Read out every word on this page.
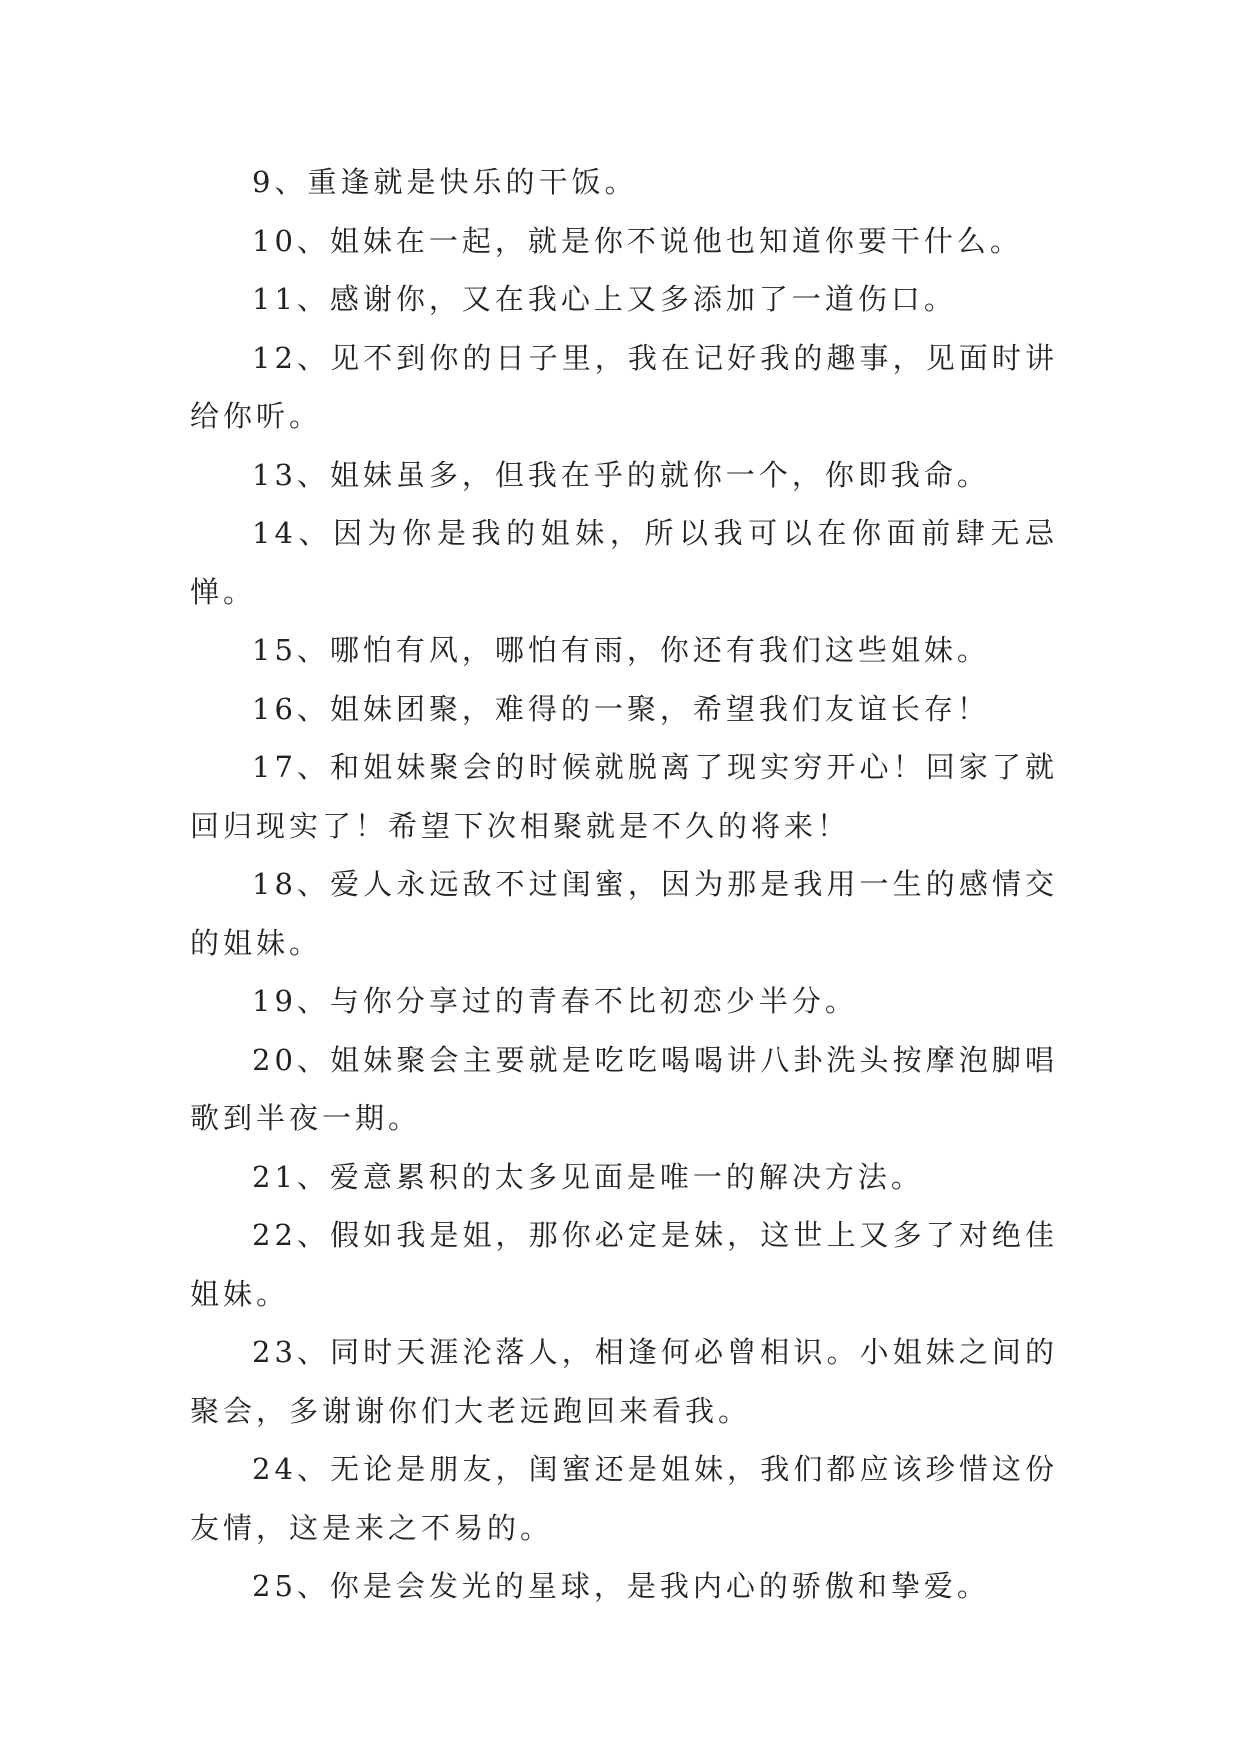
9、重逢就是快乐的干饭。

10、姐妹在一起，就是你不说他也知道你要干什么。

11、感谢你，又在我心上又多添加了一道伤口。

12、见不到你的日子里，我在记好我的趣事，见面时讲给你听。

13、姐妹虽多，但我在乎的就你一个，你即我命。

14、因为你是我的姐妹，所以我可以在你面前肆无忌惮。

15、哪怕有风，哪怕有雨，你还有我们这些姐妹。

16、姐妹团聚，难得的一聚，希望我们友谊长存！

17、和姐妹聚会的时候就脱离了现实穷开心！回家了就回归现实了！希望下次相聚就是不久的将来！

18、爱人永远敌不过闺蜜，因为那是我用一生的感情交的姐妹。

19、与你分享过的青春不比初恋少半分。

20、姐妹聚会主要就是吃吃喝喝讲八卦洗头按摩泡脚唱歌到半夜一期。

21、爱意累积的太多见面是唯一的解决方法。

22、假如我是姐，那你必定是妹，这世上又多了对绝佳姐妹。

23、同时天涯沦落人，相逢何必曾相识。小姐妹之间的聚会，多谢谢你们大老远跑回来看我。

24、无论是朋友，闺蜜还是姐妹，我们都应该珍惜这份友情，这是来之不易的。

25、你是会发光的星球，是我内心的骄傲和挚爱。
